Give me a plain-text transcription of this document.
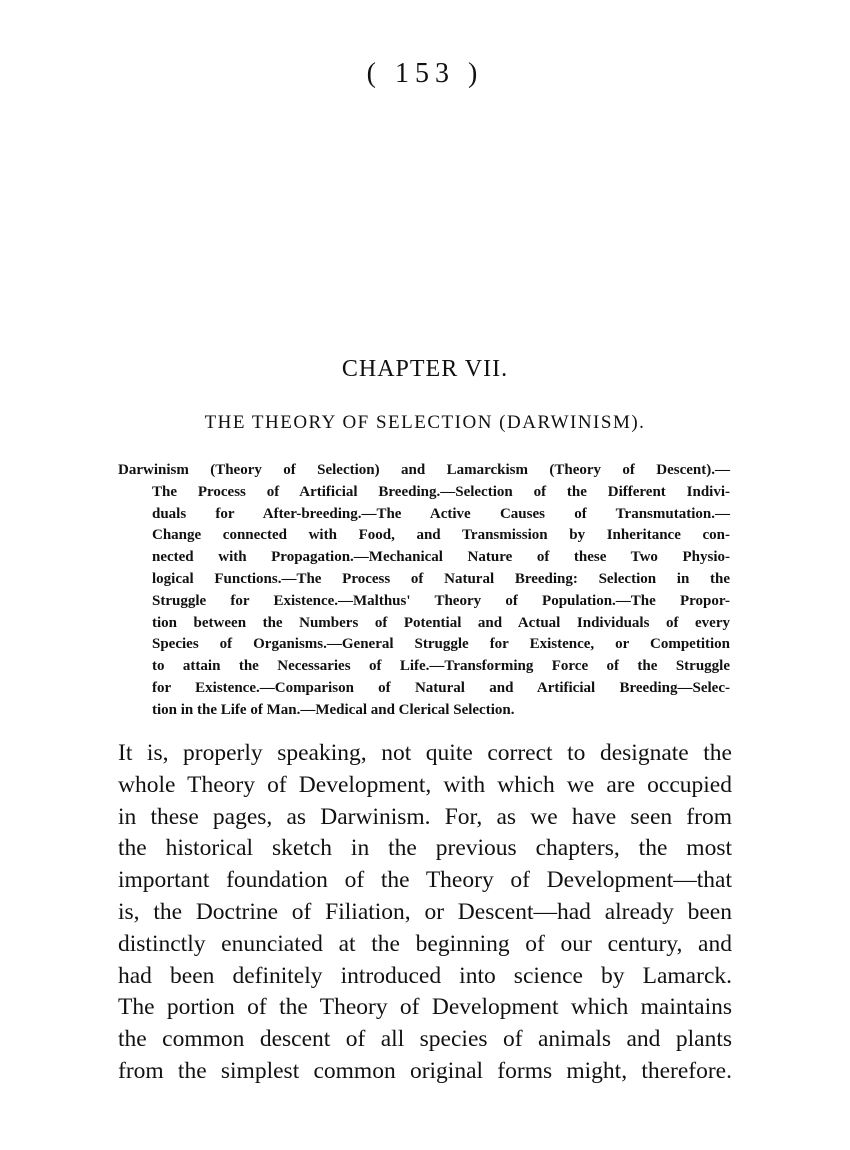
( 153 )
CHAPTER VII.
THE THEORY OF SELECTION (DARWINISM).
Darwinism (Theory of Selection) and Lamarckism (Theory of Descent).—
The Process of Artificial Breeding.—Selection of the Different Indivi-
duals for After-breeding.—The Active Causes of Transmutation.—
Change connected with Food, and Transmission by Inheritance con-
nected with Propagation.—Mechanical Nature of these Two Physio-
logical Functions.—The Process of Natural Breeding: Selection in the
Struggle for Existence.—Malthus' Theory of Population.—The Propor-
tion between the Numbers of Potential and Actual Individuals of every
Species of Organisms.—General Struggle for Existence, or Competition
to attain the Necessaries of Life.—Transforming Force of the Struggle
for Existence.—Comparison of Natural and Artificial Breeding—Selec-
tion in the Life of Man.—Medical and Clerical Selection.
It is, properly speaking, not quite correct to designate the
whole Theory of Development, with which we are occupied
in these pages, as Darwinism. For, as we have seen from
the historical sketch in the previous chapters, the most
important foundation of the Theory of Development—that
is, the Doctrine of Filiation, or Descent—had already been
distinctly enunciated at the beginning of our century, and
had been definitely introduced into science by Lamarck.
The portion of the Theory of Development which maintains
the common descent of all species of animals and plants
from the simplest common original forms might, therefore.
